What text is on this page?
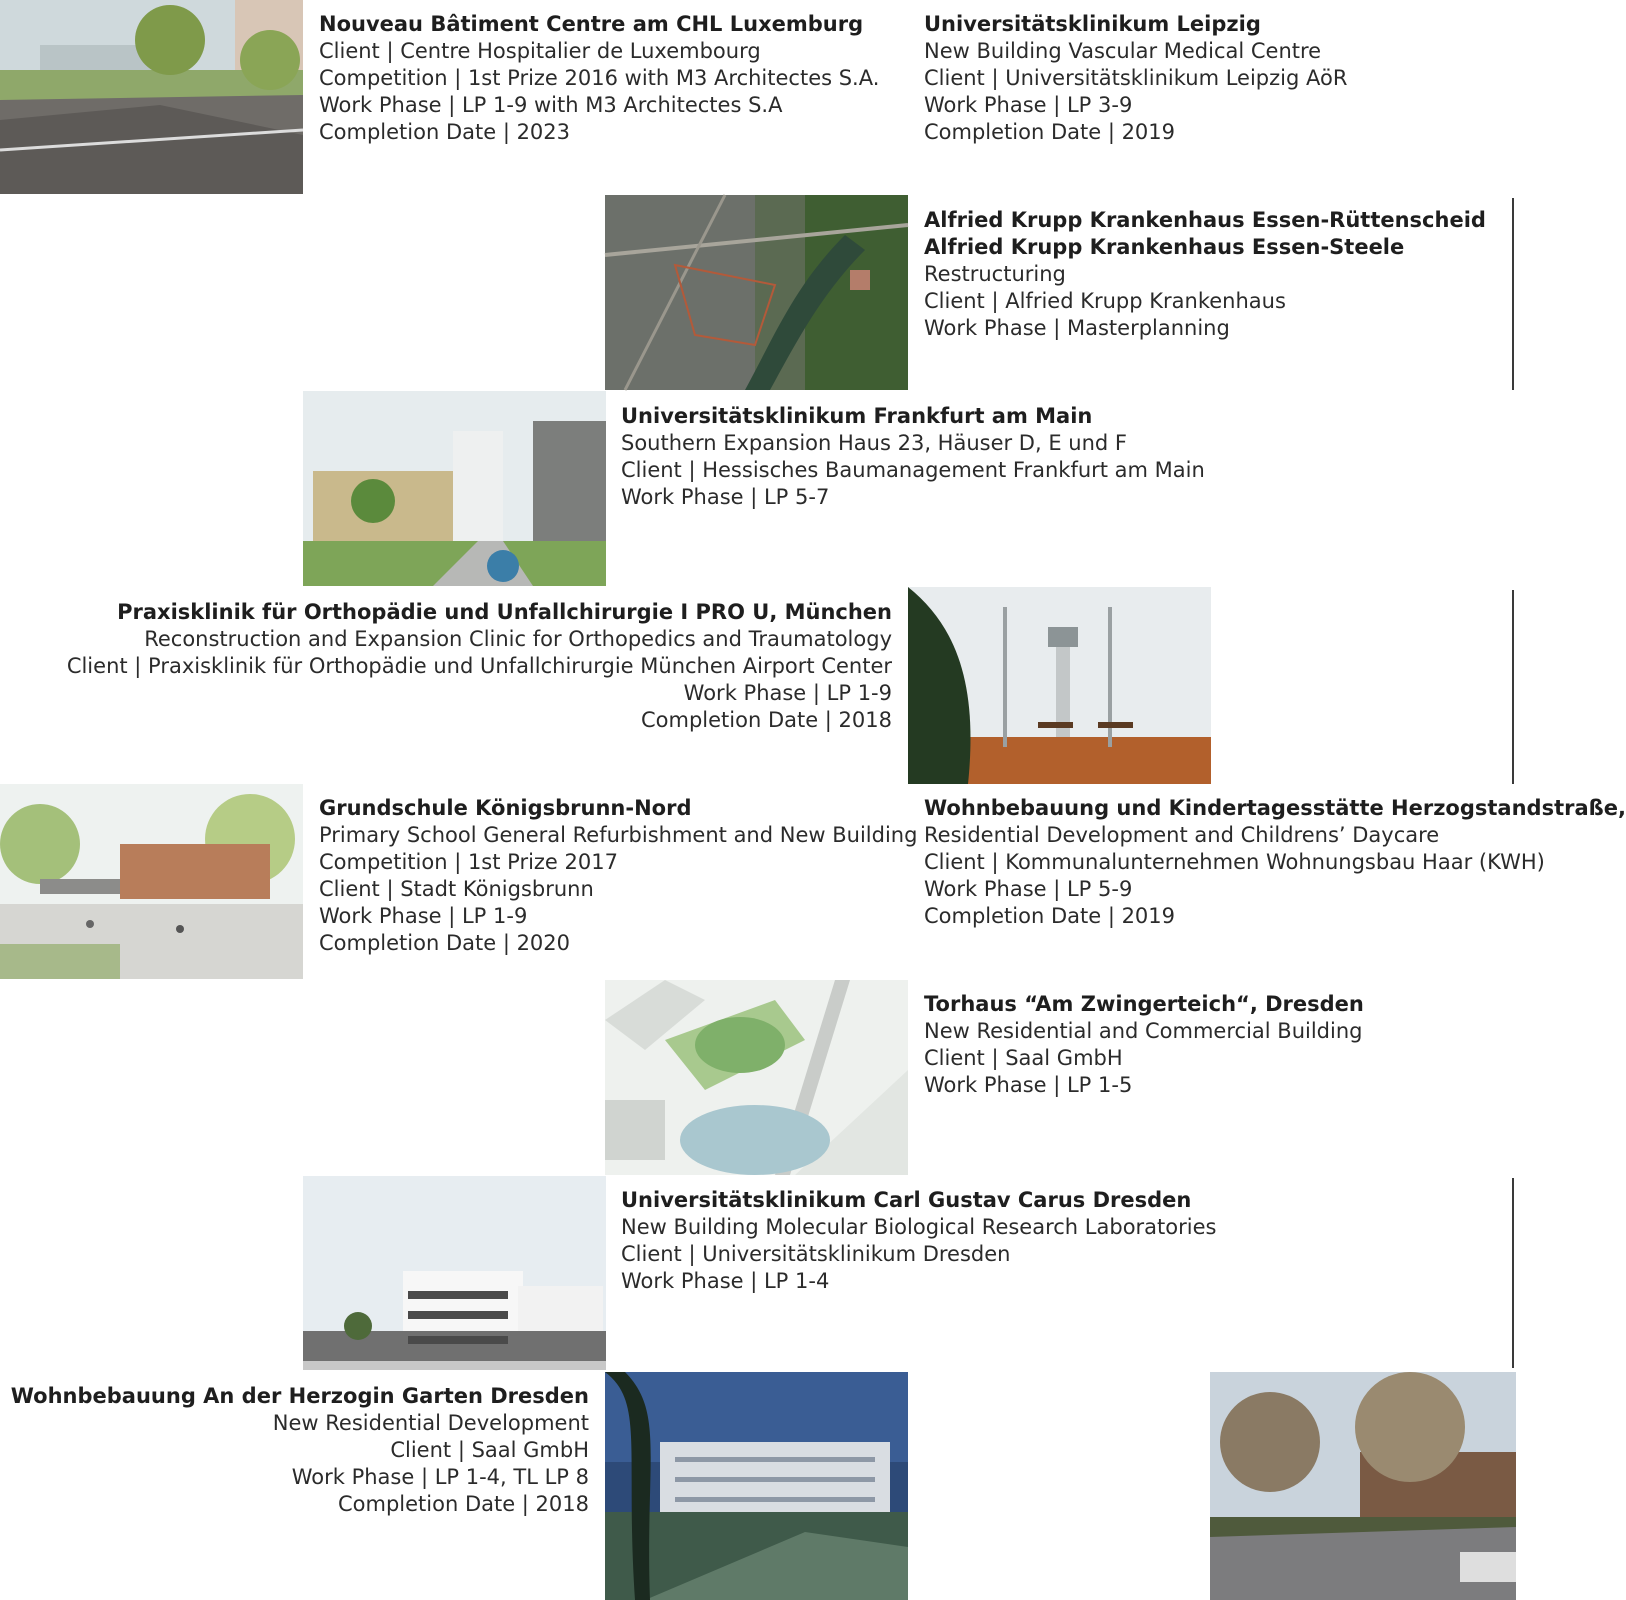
Nouveau Bâtiment Centre am CHL Luxemburg
Client | Centre Hospitalier de Luxembourg
Competition | 1st Prize 2016 with M3 Architectes S.A.
Work Phase | LP 1-9 with M3 Architectes S.A
Completion Date | 2023
Universitätsklinikum Leipzig
New Building Vascular Medical Centre
Client | Universitätsklinikum Leipzig AöR
Work Phase | LP 3-9
Completion Date | 2019
Alfried Krupp Krankenhaus Essen-Rüttenscheid
Alfried Krupp Krankenhaus Essen-Steele
Restructuring
Client | Alfried Krupp Krankenhaus
Work Phase | Masterplanning
Universitätsklinikum Frankfurt am Main
Southern Expansion Haus 23, Häuser D, E und F
Client | Hessisches Baumanagement Frankfurt am Main
Work Phase | LP 5-7
Praxisklinik für Orthopädie und Unfallchirurgie I PRO U, München
Reconstruction and Expansion Clinic for Orthopedics and Traumatology
Client | Praxisklinik für Orthopädie und Unfallchirurgie München Airport Center
Work Phase | LP 1-9
Completion Date | 2018
Grundschule Königsbrunn-Nord
Primary School General Refurbishment and New Building
Competition | 1st Prize 2017
Client | Stadt Königsbrunn
Work Phase | LP 1-9
Completion Date | 2020
Wohnbebauung und Kindertagesstätte Herzogstandstraße,
Residential Development and Childrens’ Daycare
Client | Kommunalunternehmen Wohnungsbau Haar (KWH)
Work Phase | LP 5-9
Completion Date | 2019
Torhaus “Am Zwingerteich“, Dresden
New Residential and Commercial Building
Client | Saal GmbH
Work Phase | LP 1-5
Universitätsklinikum Carl Gustav Carus Dresden
New Building Molecular Biological Research Laboratories
Client | Universitätsklinikum Dresden
Work Phase | LP 1-4
Wohnbebauung An der Herzogin Garten Dresden
New Residential Development
Client | Saal GmbH
Work Phase | LP 1-4, TL LP 8
Completion Date | 2018
